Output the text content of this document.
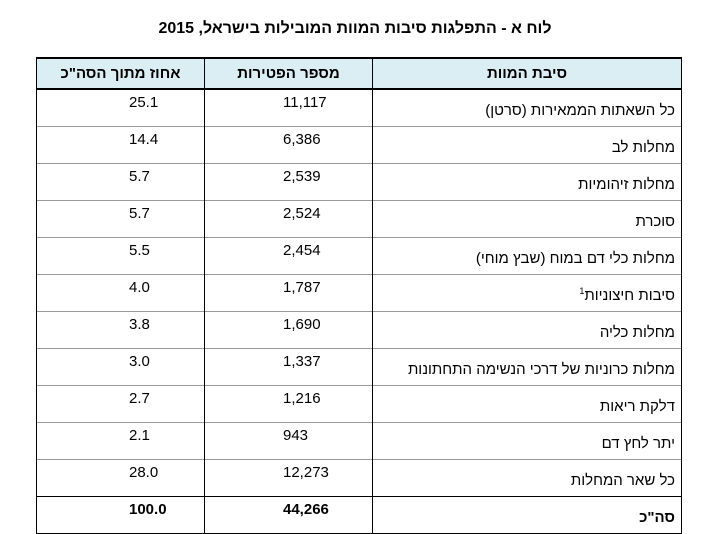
לוח א - התפלגות סיבות המוות המובילות בישראל, 2015
סיבת המוות	מספר הפטירות	אחוז מתוך הסה"כ
כל השאתות הממאירות (סרטן)	11,117	25.1
מחלות לב	6,386	14.4
מחלות זיהומיות	2,539	5.7
סוכרת	2,524	5.7
מחלות כלי דם במוח (שבץ מוחי)	2,454	5.5
סיבות חיצוניות$^1$	1,787	4.0
מחלות כליה	1,690	3.8
מחלות כרוניות של דרכי הנשימה התחתונות	1,337	3.0
דלקת ריאות	1,216	2.7
יתר לחץ דם	943	2.1
כל שאר המחלות	12,273	28.0
סה"כ	44,266	100.0
